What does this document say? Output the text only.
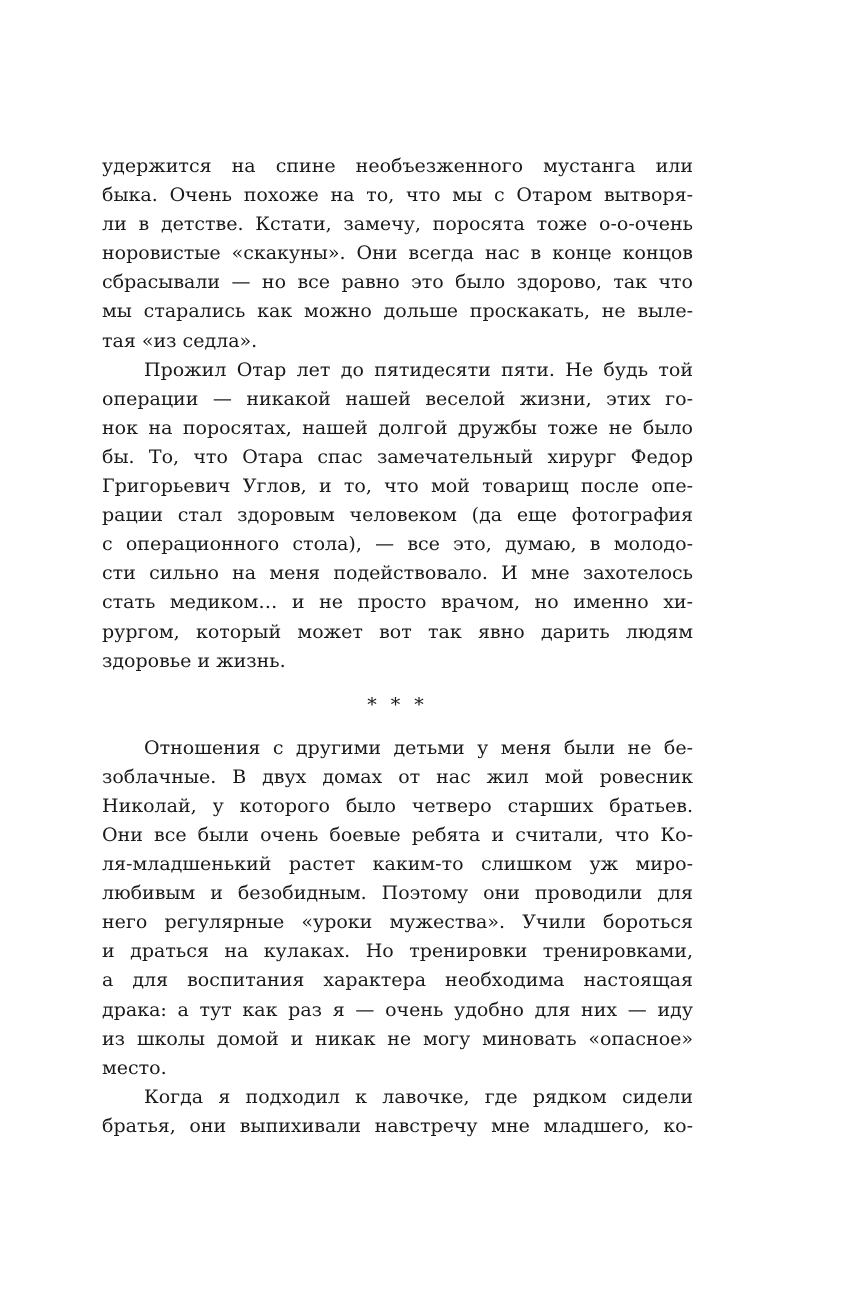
удержится на спине необъезженного мустанга или
быка. Очень похоже на то, что мы с Отаром вытворя-
ли в детстве. Кстати, замечу, поросята тоже о-о-очень
норовистые «скакуны». Они всегда нас в конце концов
сбрасывали — но все равно это было здорово, так что
мы старались как можно дольше проскакать, не выле-
тая «из седла».
Прожил Отар лет до пятидесяти пяти. Не будь той
операции — никакой нашей веселой жизни, этих го-
нок на поросятах, нашей долгой дружбы тоже не было
бы. То, что Отара спас замечательный хирург Федор
Григорьевич Углов, и то, что мой товарищ после опе-
рации стал здоровым человеком (да еще фотография
с операционного стола), — все это, думаю, в молодо-
сти сильно на меня подействовало. И мне захотелось
стать медиком… и не просто врачом, но именно хи-
рургом, который может вот так явно дарить людям
здоровье и жизнь.
* * *
Отношения с другими детьми у меня были не бе-
зоблачные. В двух домах от нас жил мой ровесник
Николай, у которого было четверо старших братьев.
Они все были очень боевые ребята и считали, что Ко-
ля-младшенький растет каким-то слишком уж миро-
любивым и безобидным. Поэтому они проводили для
него регулярные «уроки мужества». Учили бороться
и драться на кулаках. Но тренировки тренировками,
а для воспитания характера необходима настоящая
драка: а тут как раз я — очень удобно для них — иду
из школы домой и никак не могу миновать «опасное»
место.
Когда я подходил к лавочке, где рядком сидели
братья, они выпихивали навстречу мне младшего, ко-
